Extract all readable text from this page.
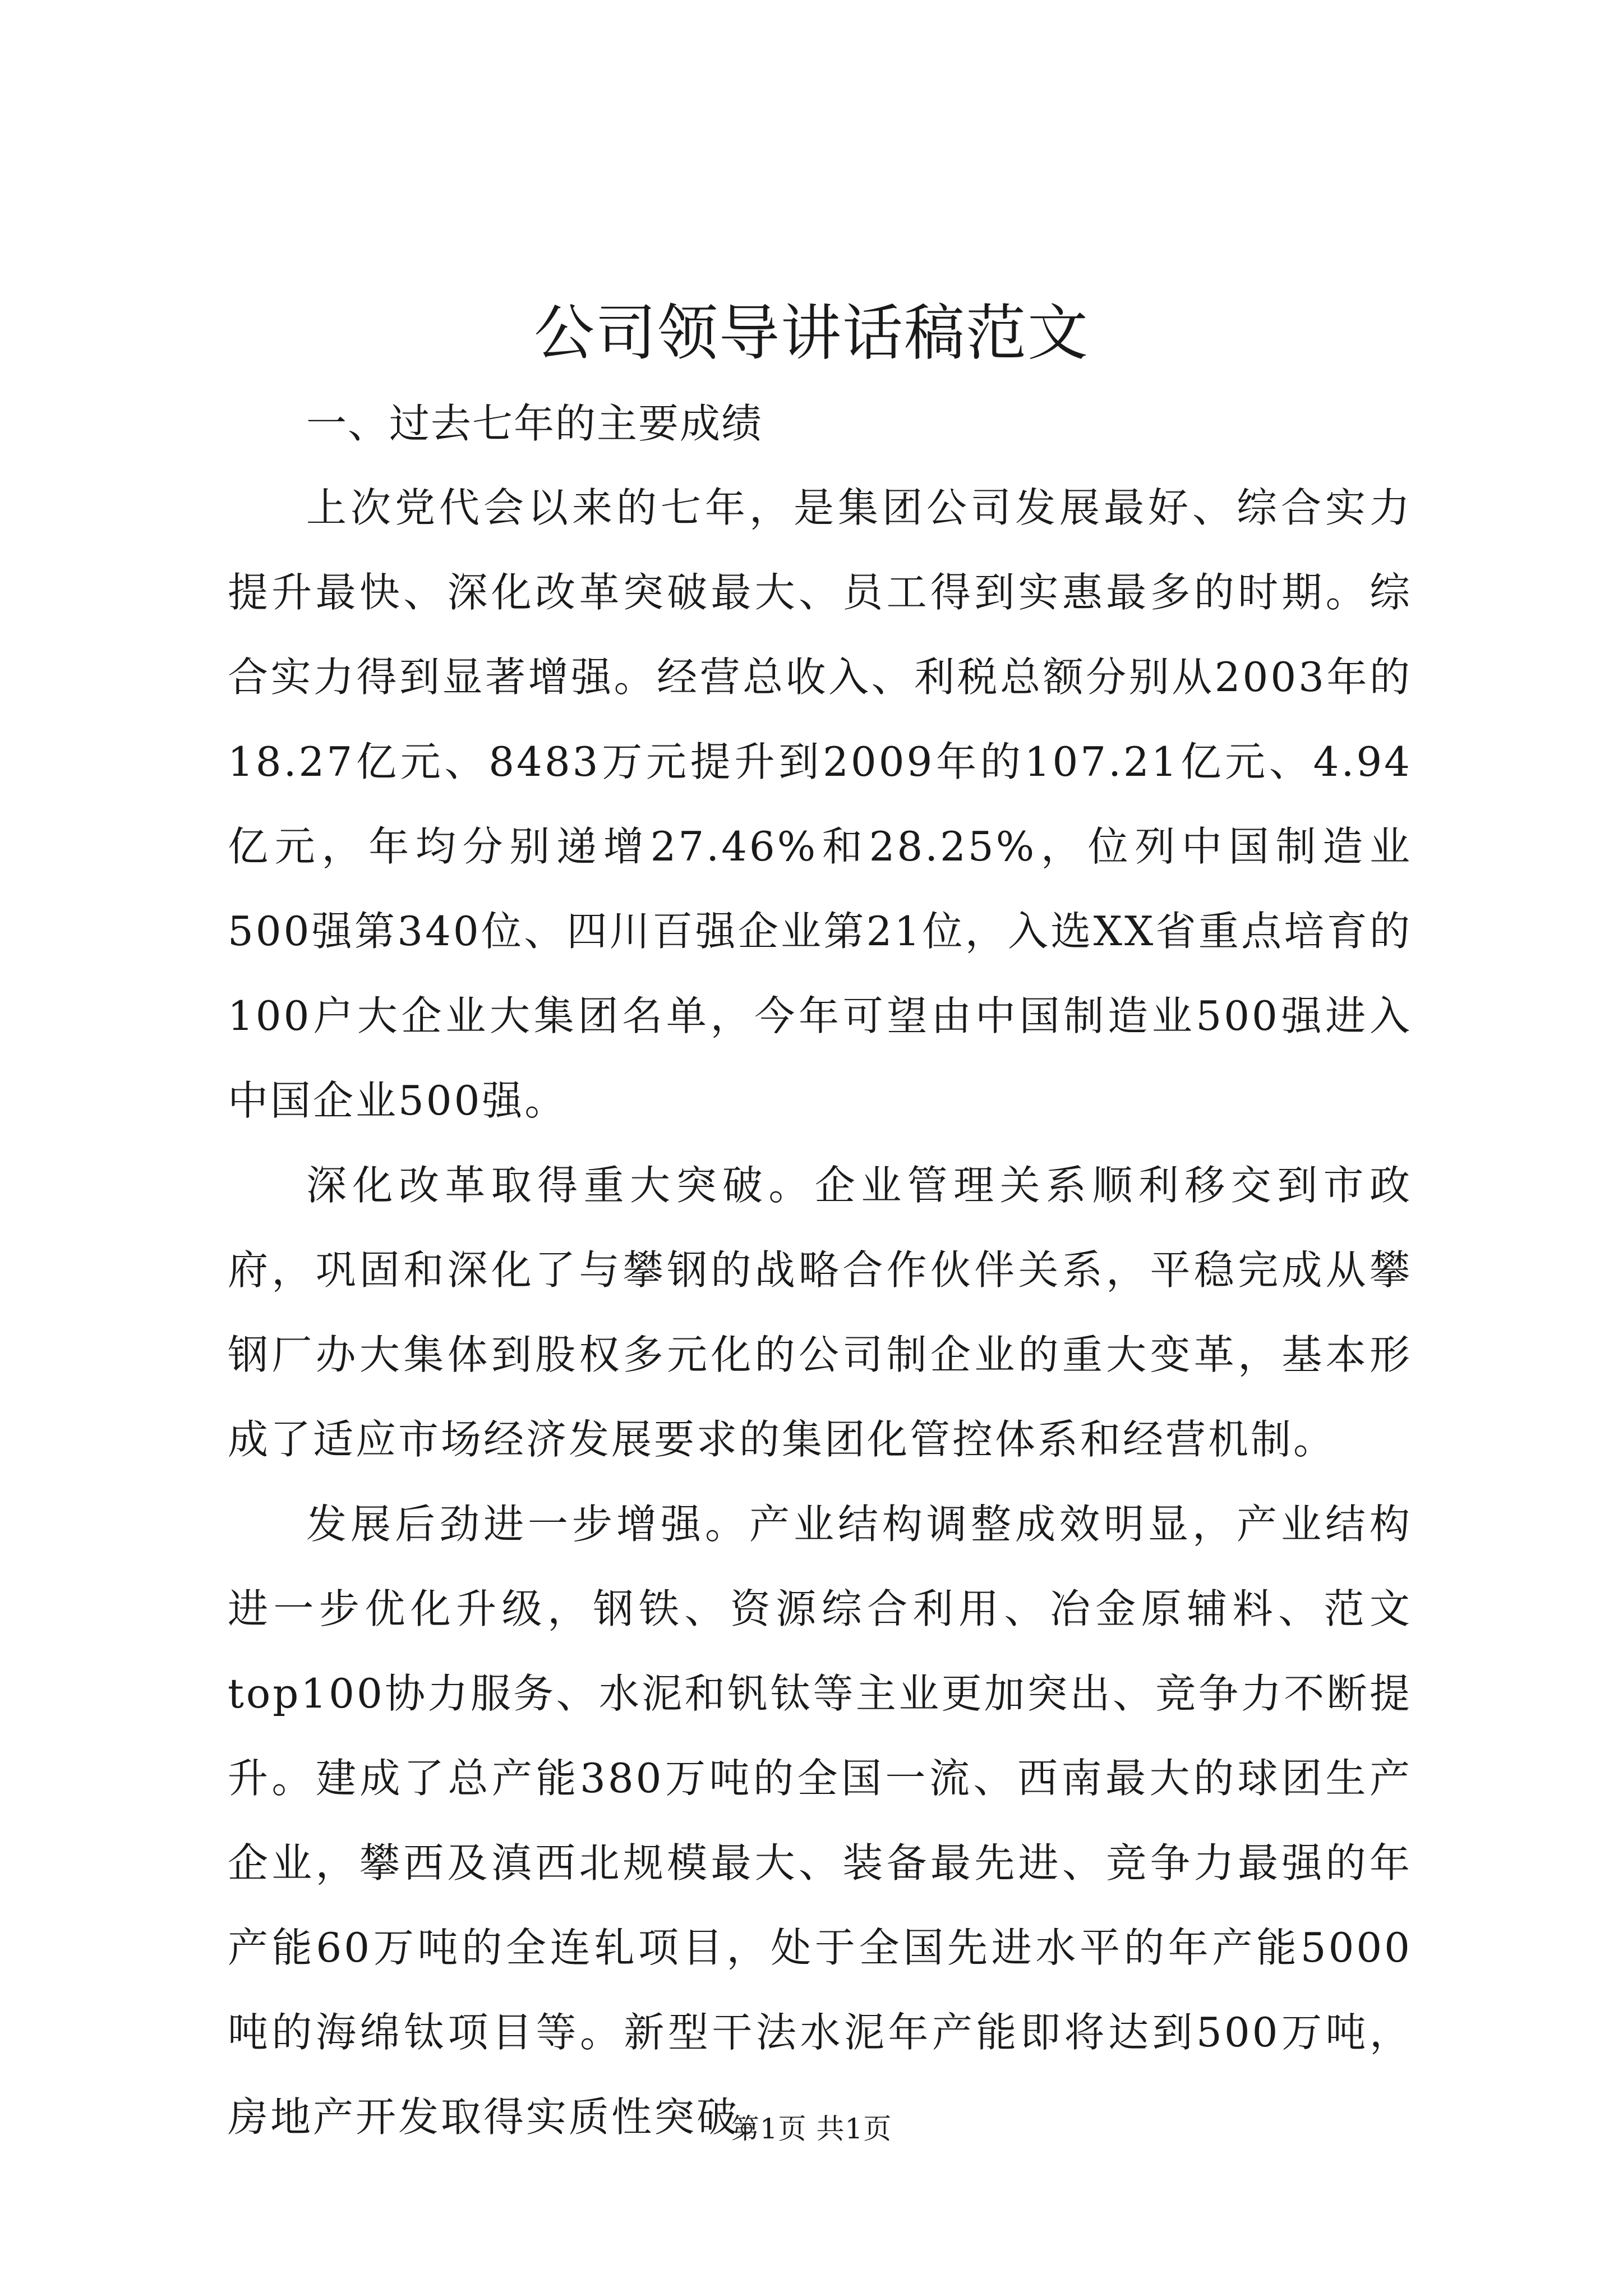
公司领导讲话稿范文

一、过去七年的主要成绩

上次党代会以来的七年，是集团公司发展最好、综合实力提升最快、深化改革突破最大、员工得到实惠最多的时期。综合实力得到显著增强。经营总收入、利税总额分别从2003年的18.27亿元、8483万元提升到2009年的107.21亿元、4.94亿元，年均分别递增27.46%和28.25%，位列中国制造业500强第340位、四川百强企业第21位，入选XX省重点培育的100户大企业大集团名单，今年可望由中国制造业500强进入中国企业500强。

深化改革取得重大突破。企业管理关系顺利移交到市政府，巩固和深化了与攀钢的战略合作伙伴关系，平稳完成从攀钢厂办大集体到股权多元化的公司制企业的重大变革，基本形成了适应市场经济发展要求的集团化管控体系和经营机制。

发展后劲进一步增强。产业结构调整成效明显，产业结构进一步优化升级，钢铁、资源综合利用、冶金原辅料、范文top100协力服务、水泥和钒钛等主业更加突出、竞争力不断提升。建成了总产能380万吨的全国一流、西南最大的球团生产企业，攀西及滇西北规模最大、装备最先进、竞争力最强的年产能60万吨的全连轧项目，处于全国先进水平的年产能5000吨的海绵钛项目等。新型干法水泥年产能即将达到500万吨，房地产开发取得实质性突破。

第1页 共1页
